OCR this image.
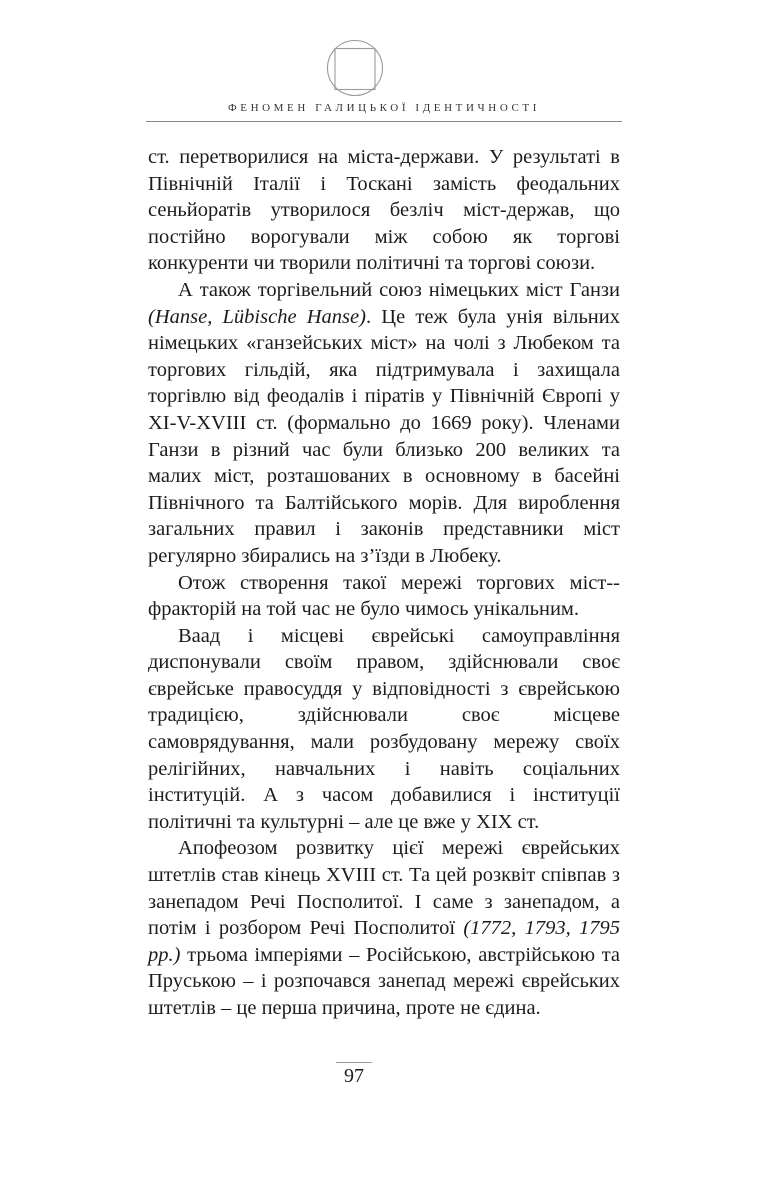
ФЕНОМЕН ГАЛИЦЬКОЇ ІДЕНТИЧНОСТІ

ст. перетворилися на міста-держави. У результаті в Північній Італії і Тоскані замість феодальних сеньйоратів утворилося безліч міст-держав, що постійно ворогували між собою як торгові конкуренти чи творили політичні та торгові союзи.

А також торгівельний союз німецьких міст Ганзи (Hanse, Lübische Hanse). Це теж була унія вільних німецьких «ганзейських міст» на чолі з Любеком та торгових гільдій, яка підтримувала і захищала торгівлю від феодалів і піратів у Північній Європі у XI-V-XVIII ст. (формально до 1669 року). Членами Ганзи в різний час були близько 200 великих та малих міст, розташованих в основному в басейні Північного та Балтійського морів. Для вироблення загальних правил і законів представники міст регулярно збирались на з’їзди в Любеку.

Отож створення такої мережі торгових міст--фракторій на той час не було чимось унікальним.

Ваад і місцеві єврейські самоуправління диспонували своїм правом, здійснювали своє єврейське правосуддя у відповідності з єврейською традицією, здійснювали своє місцеве самоврядування, мали розбудовану мережу своїх релігійних, навчальних і навіть соціальних інституцій. А з часом добавилися і інституції політичні та культурні – але це вже у XIX ст.

Апофеозом розвитку цієї мережі єврейських штетлів став кінець XVIII ст. Та цей розквіт співпав з занепадом Речі Посполитої. І саме з занепадом, а потім і розбором Речі Посполитої (1772, 1793, 1795 рр.) трьома імперіями – Російською, австрійською та Пруською – і розпочався занепад мережі єврейських штетлів – це перша причина, проте не єдина.

97
